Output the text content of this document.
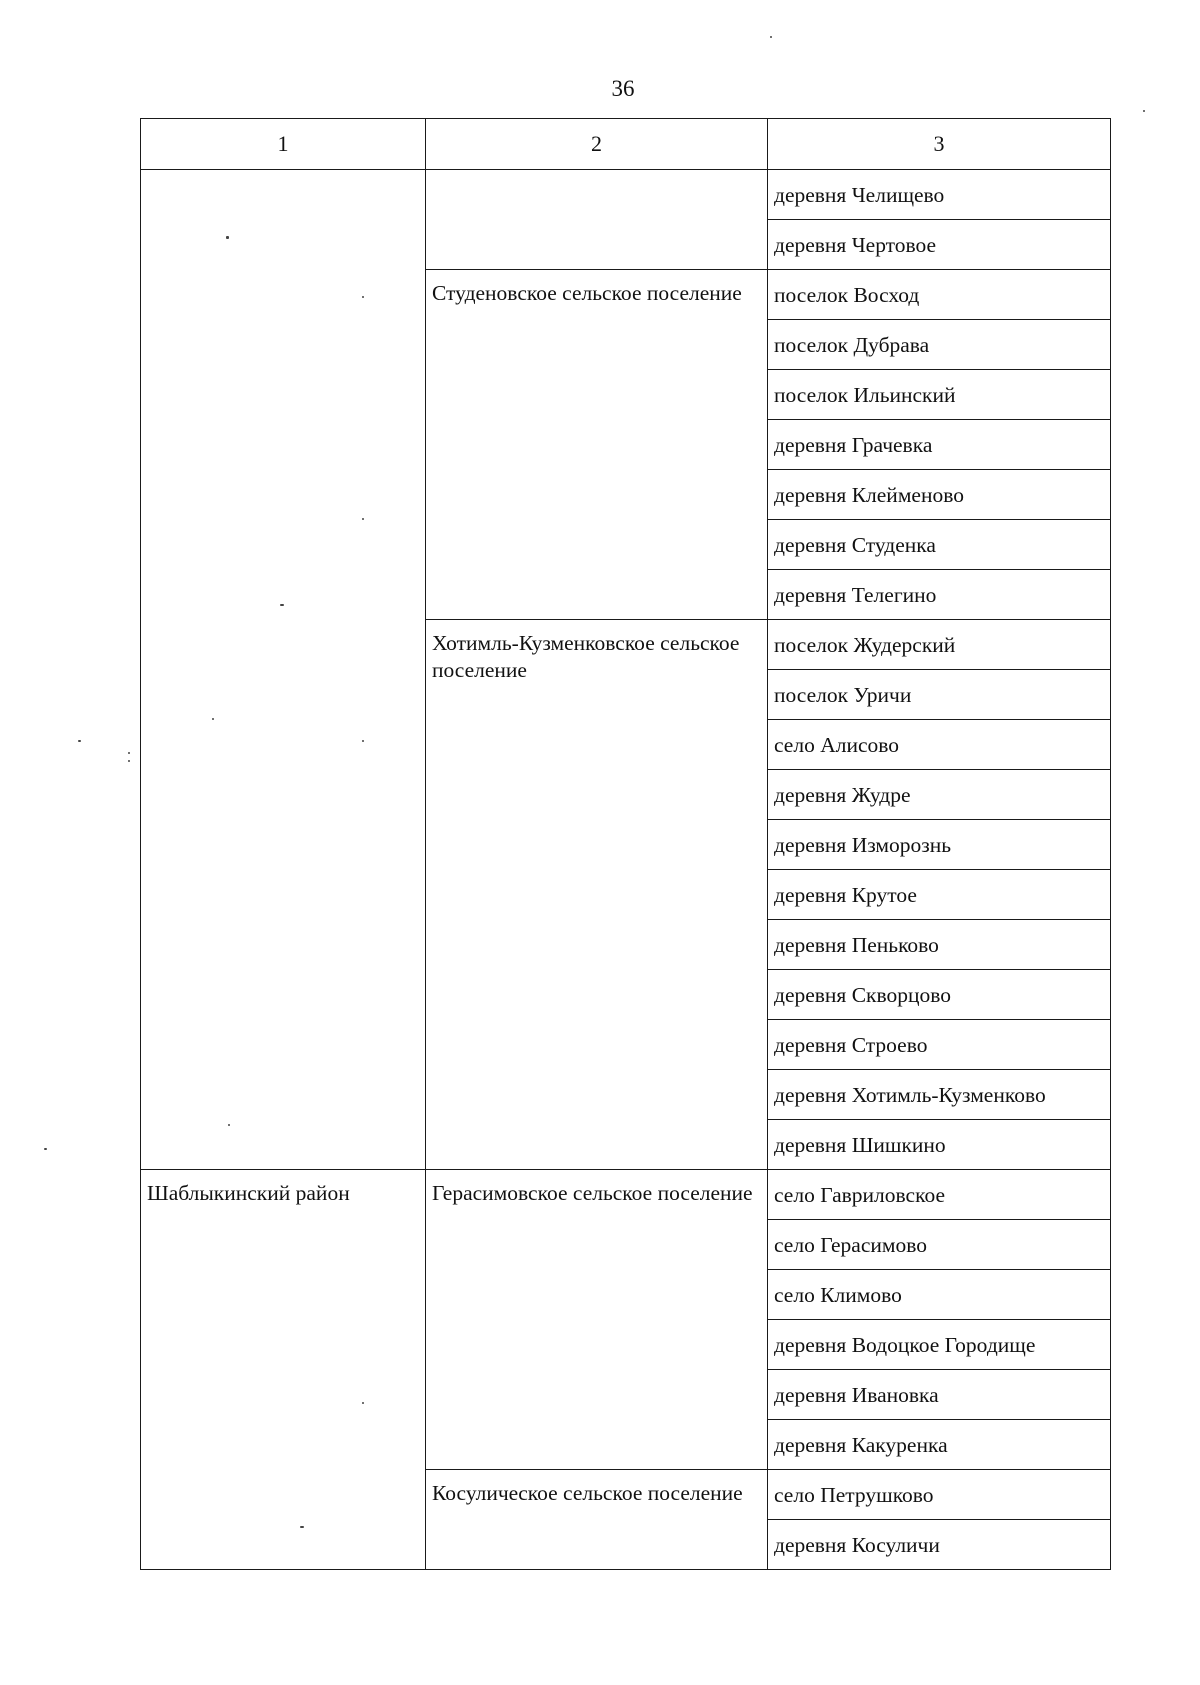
36
1	2	3
		деревня Челищево
		деревня Чертовое
	Студеновское сельское поселение	поселок Восход
		поселок Дубрава
		поселок Ильинский
		деревня Грачевка
		деревня Клейменово
		деревня Студенка
		деревня Телегино
	Хотимль-Кузменковское сельское поселение	поселок Жудерский
		поселок Уричи
		село Алисово
		деревня Жудре
		деревня Изморознь
		деревня Крутое
		деревня Пеньково
		деревня Скворцово
		деревня Строево
		деревня Хотимль-Кузменково
		деревня Шишкино
Шаблыкинский район	Герасимовское сельское поселение	село Гавриловское
		село Герасимово
		село Климово
		деревня Водоцкое Городище
		деревня Ивановка
		деревня Какуренка
	Косуличеcкое сельское поселение	село Петрушково
		деревня Косуличи
